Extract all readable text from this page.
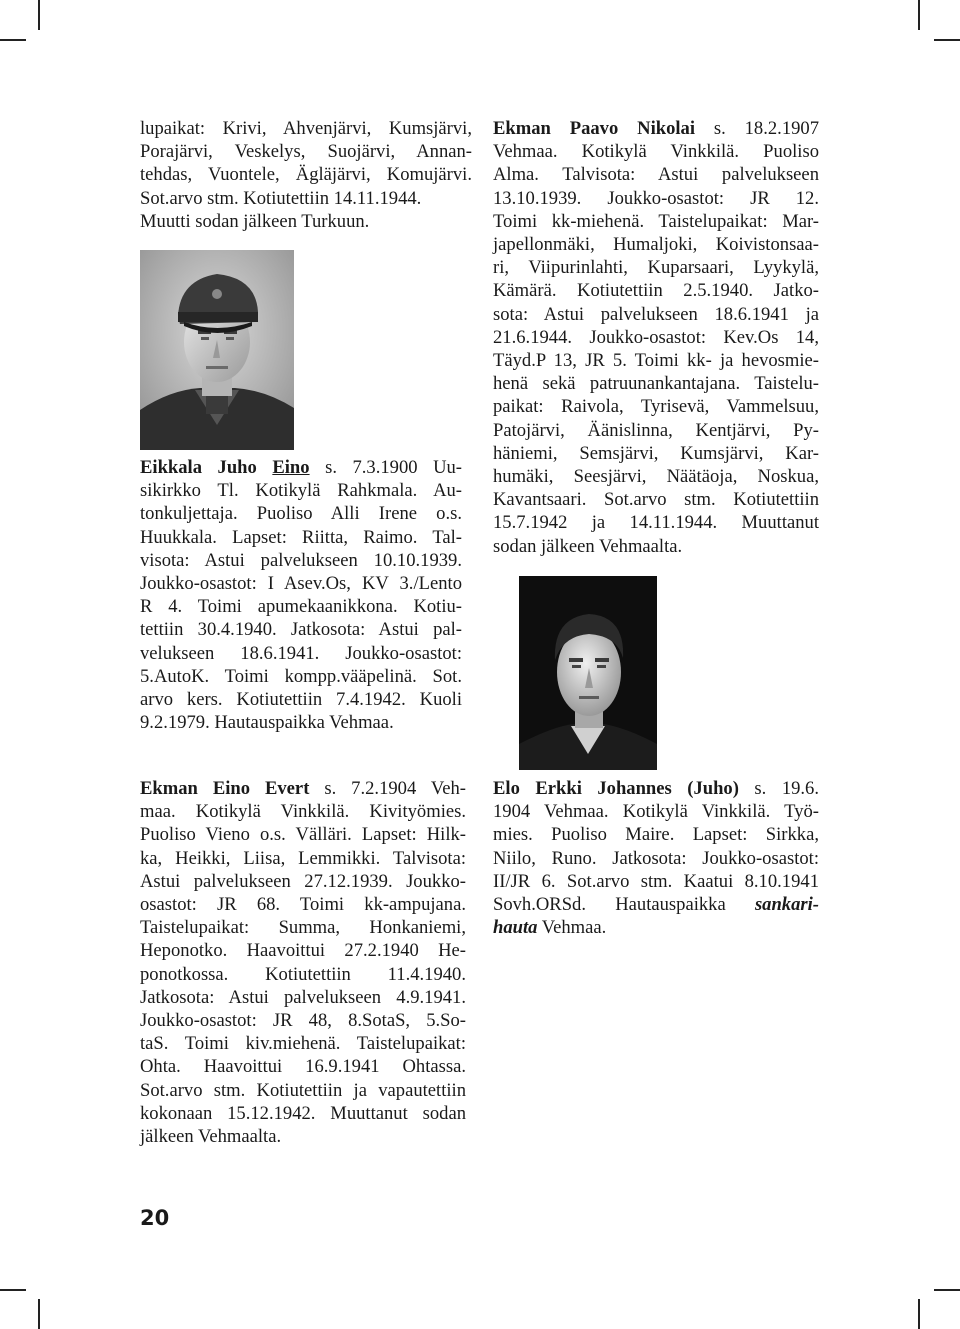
lupaikat: Krivi, Ahvenjärvi, Kumsjärvi,
Porajärvi, Veskelys, Suojärvi, Annan-
tehdas, Vuontele, Ägläjärvi, Komujärvi.
Sot.arvo stm. Kotiutettiin 14.11.1944.
Muutti sodan jälkeen Turkuun.
Eikkala Juho Eino s. 7.3.1900 Uu-
sikirkko Tl. Kotikylä Rahkmala. Au-
tonkuljettaja. Puoliso Alli Irene o.s.
Huukkala. Lapset: Riitta, Raimo. Tal-
visota: Astui palvelukseen 10.10.1939.
Joukko-osastot: I Asev.Os, KV 3./Lento
R 4. Toimi apumekaanikkona. Kotiu-
tettiin 30.4.1940. Jatkosota: Astui pal-
velukseen 18.6.1941. Joukko-osastot:
5.AutoK. Toimi kompp.vääpelinä. Sot.
arvo kers. Kotiutettiin 7.4.1942. Kuoli
9.2.1979. Hautauspaikka Vehmaa.
Ekman Paavo Nikolai s. 18.2.1907
Vehmaa. Kotikylä Vinkkilä. Puoliso
Alma. Talvisota: Astui palvelukseen
13.10.1939. Joukko-osastot: JR 12.
Toimi kk-miehenä. Taistelupaikat: Mar-
japellonmäki, Humaljoki, Koivistonsaa-
ri, Viipurinlahti, Kuparsaari, Lyykylä,
Kämärä. Kotiutettiin 2.5.1940. Jatko-
sota: Astui palvelukseen 18.6.1941 ja
21.6.1944. Joukko-osastot: Kev.Os 14,
Täyd.P 13, JR 5. Toimi kk- ja hevosmie-
henä sekä patruunankantajana. Taistelu-
paikat: Raivola, Tyrisevä, Vammelsuu,
Patojärvi, Äänislinna, Kentjärvi, Py-
häniemi, Semsjärvi, Kumsjärvi, Kar-
humäki, Seesjärvi, Näätäoja, Noskua,
Kavantsaari. Sot.arvo stm. Kotiutettiin
15.7.1942 ja 14.11.1944. Muuttanut
sodan jälkeen Vehmaalta.
Ekman Eino Evert s. 7.2.1904 Veh-
maa. Kotikylä Vinkkilä. Kivityömies.
Puoliso Vieno o.s. Välläri. Lapset: Hilk-
ka, Heikki, Liisa, Lemmikki. Talvisota:
Astui palvelukseen 27.12.1939. Joukko-
osastot: JR 68. Toimi kk-ampujana.
Taistelupaikat: Summa, Honkaniemi,
Heponotko. Haavoittui 27.2.1940 He-
ponotkossa. Kotiutettiin 11.4.1940.
Jatkosota: Astui palvelukseen 4.9.1941.
Joukko-osastot: JR 48, 8.SotaS, 5.So-
taS. Toimi kiv.miehenä. Taistelupaikat:
Ohta. Haavoittui 16.9.1941 Ohtassa.
Sot.arvo stm. Kotiutettiin ja vapautettiin
kokonaan 15.12.1942. Muuttanut sodan
jälkeen Vehmaalta.
Elo Erkki Johannes (Juho) s. 19.6.
1904 Vehmaa. Kotikylä Vinkkilä. Työ-
mies. Puoliso Maire. Lapset: Sirkka,
Niilo, Runo. Jatkosota: Joukko-osastot:
II/JR 6. Sot.arvo stm. Kaatui 8.10.1941
Sovh.ORSd. Hautauspaikka sankari-
hauta Vehmaa.
20
